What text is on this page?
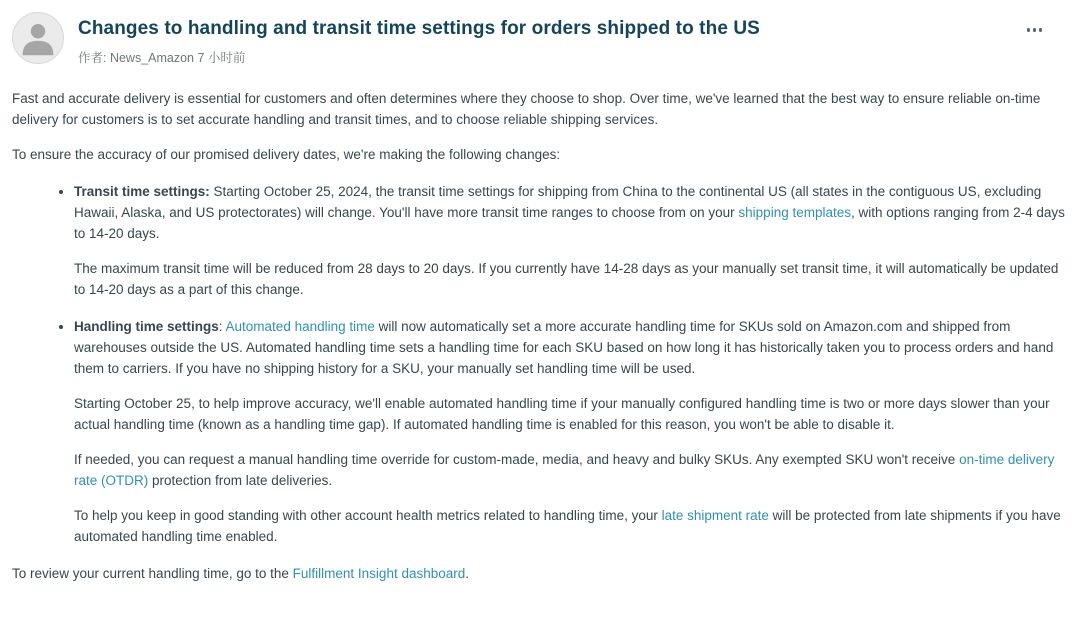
Changes to handling and transit time settings for orders shipped to the US
作者: News_Amazon 7 小时前

Fast and accurate delivery is essential for customers and often determines where they choose to shop. Over time, we've learned that the best way to ensure reliable on-time delivery for customers is to set accurate handling and transit times, and to choose reliable shipping services.

To ensure the accuracy of our promised delivery dates, we're making the following changes:

• Transit time settings: Starting October 25, 2024, the transit time settings for shipping from China to the continental US (all states in the contiguous US, excluding Hawaii, Alaska, and US protectorates) will change. You'll have more transit time ranges to choose from on your shipping templates, with options ranging from 2-4 days to 14-20 days.

The maximum transit time will be reduced from 28 days to 20 days. If you currently have 14-28 days as your manually set transit time, it will automatically be updated to 14-20 days as a part of this change.

• Handling time settings: Automated handling time will now automatically set a more accurate handling time for SKUs sold on Amazon.com and shipped from warehouses outside the US. Automated handling time sets a handling time for each SKU based on how long it has historically taken you to process orders and hand them to carriers. If you have no shipping history for a SKU, your manually set handling time will be used.

Starting October 25, to help improve accuracy, we'll enable automated handling time if your manually configured handling time is two or more days slower than your actual handling time (known as a handling time gap). If automated handling time is enabled for this reason, you won't be able to disable it.

If needed, you can request a manual handling time override for custom-made, media, and heavy and bulky SKUs. Any exempted SKU won't receive on-time delivery rate (OTDR) protection from late deliveries.

To help you keep in good standing with other account health metrics related to handling time, your late shipment rate will be protected from late shipments if you have automated handling time enabled.

To review your current handling time, go to the Fulfillment Insight dashboard.
